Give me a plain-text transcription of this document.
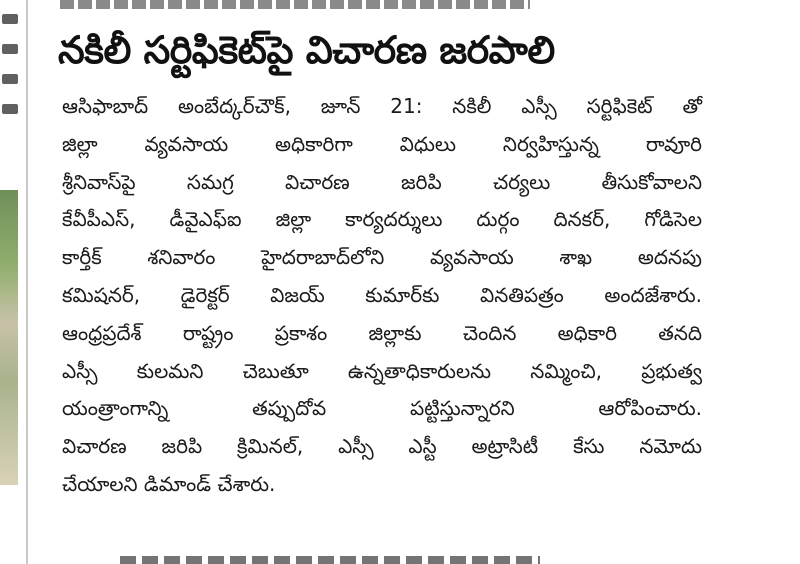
నకిలీ సర్టిఫికెట్‌పై విచారణ జరపాలి
ఆసిఫాబాద్ అంబేద్కర్‌చౌక్, జూన్ 21: నకిలీ ఎస్సీ సర్టిఫికెట్ తో
జిల్లా వ్యవసాయ అధికారిగా విధులు నిర్వహిస్తున్న రావూరి
శ్రీనివాస్‌పై సమగ్ర విచారణ జరిపి చర్యలు తీసుకోవాలని
కేవీపీఎస్, డీవైఎఫ్ఐ జిల్లా కార్యదర్శులు దుర్గం దినకర్, గోడిసెల
కార్తీక్ శనివారం హైదరాబాద్‌లోని వ్యవసాయ శాఖ అదనపు
కమిషనర్, డైరెక్టర్ విజయ్ కుమార్‌కు వినతిపత్రం అందజేశారు.
ఆంధ్రప్రదేశ్ రాష్ట్రం ప్రకాశం జిల్లాకు చెందిన అధికారి తనది
ఎస్సీ కులమని చెబుతూ ఉన్నతాధికారులను నమ్మించి, ప్రభుత్వ
యంత్రాంగాన్ని తప్పుదోవ పట్టిస్తున్నారని ఆరోపించారు.
విచారణ జరిపి క్రిమినల్, ఎస్సీ ఎస్టీ అట్రాసిటీ కేసు నమోదు
చేయాలని డిమాండ్ చేశారు.
